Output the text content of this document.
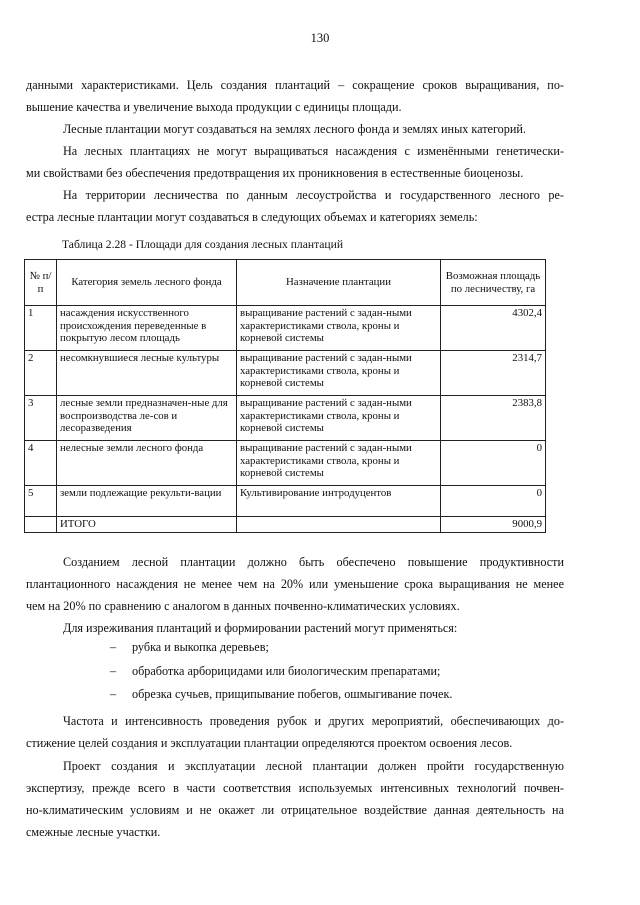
130
данными характеристиками. Цель создания плантаций – сокращение сроков выращивания, по-
вышение качества и увеличение выхода продукции с единицы площади.
Лесные плантации могут создаваться на землях лесного фонда и землях иных категорий.
На лесных плантациях не могут выращиваться насаждения с изменёнными генетически-
ми свойствами без обеспечения предотвращения их проникновения в естественные биоценозы.
На территории лесничества по данным лесоустройства и государственного лесного ре-
естра лесные плантации могут создаваться в следующих объемах и категориях земель:
Таблица 2.28 - Площади для создания лесных плантаций
№ п/п	Категория земель лесного фонда	Назначение плантации	Возможная площадь по лесничеству, га
1	насаждения искусственного происхождения переведенные в покрытую лесом площадь	выращивание растений с задан-ными характеристиками ствола, кроны и корневой системы	4302,4
2	несомкнувшиеся лесные культуры	выращивание растений с задан-ными характеристиками ствола, кроны и корневой системы	2314,7
3	лесные земли предназначен-ные для воспроизводства ле-сов и лесоразведения	выращивание растений с задан-ными характеристиками ствола, кроны и корневой системы	2383,8
4	нелесные земли лесного фонда	выращивание растений с задан-ными характеристиками ствола, кроны и корневой системы	0
5	земли подлежащие рекульти-вации	Культивирование интродуцентов	0
	ИТОГО		9000,9
Созданием лесной плантации должно быть обеспечено повышение продуктивности
плантационного насаждения не менее чем на 20% или уменьшение срока выращивания не менее
чем на 20% по сравнению с аналогом в данных почвенно-климатических условиях.
Для изреживания плантаций и формировании растений могут применяться:
– рубка и выкопка деревьев;
– обработка арборицидами или биологическим препаратами;
– обрезка сучьев, прищипывание побегов, ошмыгивание почек.
Частота и интенсивность проведения рубок и других мероприятий, обеспечивающих до-
стижение целей создания и эксплуатации плантации определяются проектом освоения лесов.
Проект создания и эксплуатации лесной плантации должен пройти государственную
экспертизу, прежде всего в части соответствия используемых интенсивных технологий почвен-
но-климатическим условиям и не окажет ли отрицательное воздействие данная деятельность на
смежные лесные участки.
